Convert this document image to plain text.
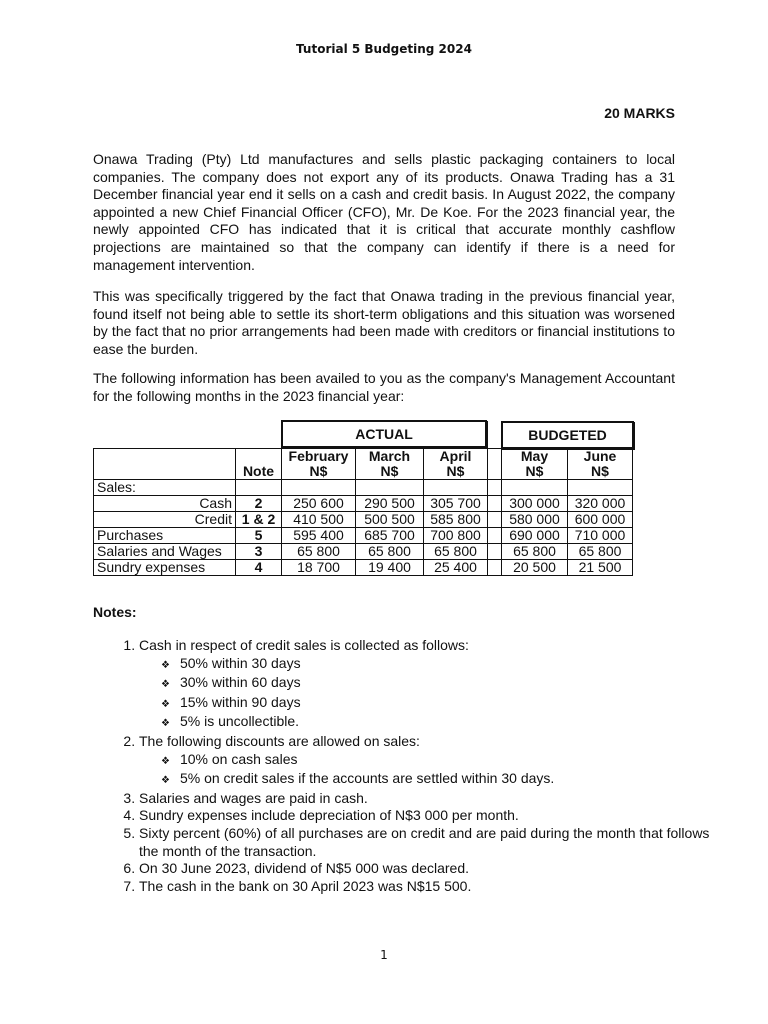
Tutorial 5 Budgeting 2024
20 MARKS

Onawa Trading (Pty) Ltd manufactures and sells plastic packaging containers to local companies. The company does not export any of its products. Onawa Trading has a 31 December financial year end it sells on a cash and credit basis. In August 2022, the company appointed a new Chief Financial Officer (CFO), Mr. De Koe. For the 2023 financial year, the newly appointed CFO has indicated that it is critical that accurate monthly cashflow projections are maintained so that the company can identify if there is a need for management intervention.

This was specifically triggered by the fact that Onawa trading in the previous financial year, found itself not being able to settle its short-term obligations and this situation was worsened by the fact that no prior arrangements had been made with creditors or financial institutions to ease the burden.

The following information has been availed to you as the company's Management Accountant for the following months in the 2023 financial year:

ACTUAL	BUDGETED
		February	March	April		May	June
	Note	N$	N$	N$		N$	N$
Sales:							
Cash	2	250 600	290 500	305 700		300 000	320 000
Credit	1 & 2	410 500	500 500	585 800		580 000	600 000
Purchases	5	595 400	685 700	700 800		690 000	710 000
Salaries and Wages	3	65 800	65 800	65 800		65 800	65 800
Sundry expenses	4	18 700	19 400	25 400		20 500	21 500
Notes:
1. Cash in respect of credit sales is collected as follows:
❖ 50% within 30 days
❖ 30% within 60 days
❖ 15% within 90 days
❖ 5% is uncollectible.
2. The following discounts are allowed on sales:
❖ 10% on cash sales
❖ 5% on credit sales if the accounts are settled within 30 days.
3. Salaries and wages are paid in cash.
4. Sundry expenses include depreciation of N$3 000 per month.
5. Sixty percent (60%) of all purchases are on credit and are paid during the month that follows the month of the transaction.
6. On 30 June 2023, dividend of N$5 000 was declared.
7. The cash in the bank on 30 April 2023 was N$15 500.
1
